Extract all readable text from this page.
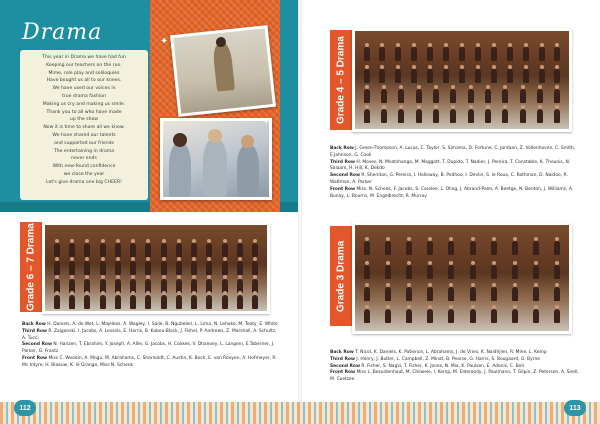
Drama
This year in Drama we have had fun
Keeping our teachers on the run.
Mime, role play and soliloquies
Have bought us all to our knees.
We have used our voices in
true drama fashion
Making us cry and making us smile.
Thank you to all who have made
up the show
Now it is time to share all we know.
We have shared our talents
and supported our friends
The entertaining in drama
never ends
With new-found confidence
we close the year
Let's give drama one big CHEER!
✦
✦
Grade 6 – 7 Drama
Back Row H. Daniels, A. de Wet, L. Majeikos, A. Wagley, I. Salie, B. Ngubeleri, L. Lima, N. Lehoko, M. Tooty, E. White
Third Row R. Zaigonski, I. Jacobs, A. Lessels, E. Harris, B. Kabou-Block, J. Fishel, P. Andrews, Z. Marshall, A. Schultz, A. Tucci
Second Row N. Hanzen, T. Ebrahim, Y. Joseph, A. Allie, G. Jacobs, H. Cookes, V. Dhanoey, L. Langeni, E.Taberner, J. Parker, G. Frantz
Front Row Miss C. Woodin, A. Mngu, M. Abrahams, C. Sharnoldt, C. Austin, K. Bock, E. van Rooyen, A. Hofmeyer, R. Mc Intyre, H. Blaeuw, K. le Grange, Miss N. Schenk
Grade 4 – 5 Drama
Back Row J. Green-Thompson, A. Lucas, C. Taylor, S. Simama, D. Fortune, C. Jordaan, Z. Vollenhoven, C. Smith, E.Johnson, G. Cook
Third Row H. Moses, N. Mnatshanga, M. Maggott, T. Dupido, T. Nadier, J. Pereira, T. Constable, K. Theunis, N. Salaam, H. Hill, K. Dekdo
Second Row R. Sheridan, G. Pereira, I. Holloway, B. Podhoo, I. Devlin, S. le Roux, C. Rothman, D. Naidoo, R. Waltman, A. Parker
Front Row Miss. N. Schenk, F. Jacobs, S. Carolee, L. Oling, J. Abrand-Palm, A. Beetge, N. Benton, J. Williams, A. Bunay, L. Bourns, M. Engelbrecht, R. Murray
Grade 3 Drama
Back Row T. Nicol, K. Daniels, K. Patience, L. Abrahams, J. de Vries, K. Naidhjlen, R. Mlne, L. Kemp
Third Row J. Henry, J. Butler, L. Campbell, Z. Minat, B. Pearse, G. Harris, S. Bougaard, G. Byrne
Second Row R. Fisher, S. Nagvi, T. Fisher, K. Jones, N. Mia, K. Paulsen, E. Adonis, C. Bell
Front Row Miss L. Bezuidenhout, M. Chilwele, I. Kemp, M. Elderoody, J. Paulmann, T. Gilpin, Z. Petersen, A. Snell, M. Coetzee
112	113
